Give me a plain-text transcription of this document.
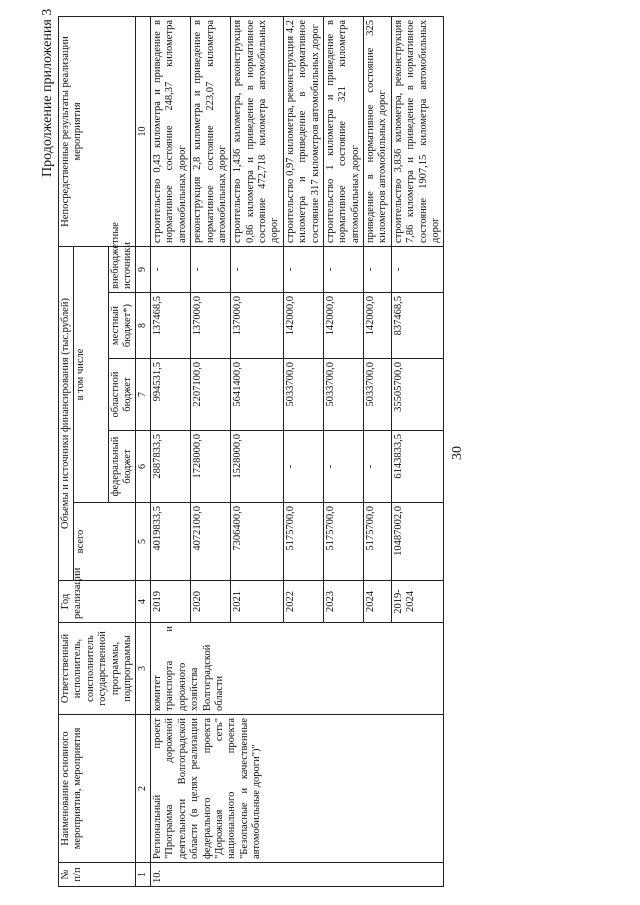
30
Продолжение приложения 3
№ п/п	Наименование основного мероприятия, мероприятия	Ответственный исполнитель, соисполнитель государственной программы, подпрограммы	Год реализации	Объемы и источники финансирования (тыс.рублей)					Непосредственные результаты реализации мероприятия
				всего	в том числе				
					федеральный бюджет	областной бюджет	местный бюджет*)	внебюджетные источники	
1	2	3	4	5	6	7	8	9	10
10.	Региональный проект "Программа дорожной деятельности Волгоградской области (в целях реализации федерального проекта "Дорожная сеть" национального проекта "Безопасные и качественные автомобильные дороги")"	комитет транспорта и дорожного хозяйства Волгоградской области	2019	4019833,5	2887833,5	994531,5	137468,5	-	строительство 0,43 километра и приведение в нормативное состояние 248,37 километра автомобильных дорог
			2020	4072100,0	1728000,0	2207100,0	137000,0	-	реконструкция 2,8 километра и приведение в нормативное состояние 223,07 километра автомобильных дорог
			2021	7306400,0	1528000,0	5641400,0	137000,0	-	строительство 1,436 километра, реконструкция 0,86 километра и приведение в нормативное состояние 472,718 километра автомобильных дорог
			2022	5175700,0	-	5033700,0	142000,0	-	строительство 0,97 километра, реконструкция 4,2 километра и приведение в нормативное состояние 317 километров автомобильных дорог
			2023	5175700,0	-	5033700,0	142000,0	-	строительство 1 километра и приведение в нормативное состояние 321 километра автомобильных дорог
			2024	5175700,0	-	5033700,0	142000,0	-	приведение в нормативное состояние 325 километров автомобильных дорог
			2019-2024	10487002,0	6143833,5	35505700,0	837468,5	-	строительство 3,836 километра, реконструкция 7,86 километра и приведение в нормативное состояние 1907,15 километра автомобильных дорог
